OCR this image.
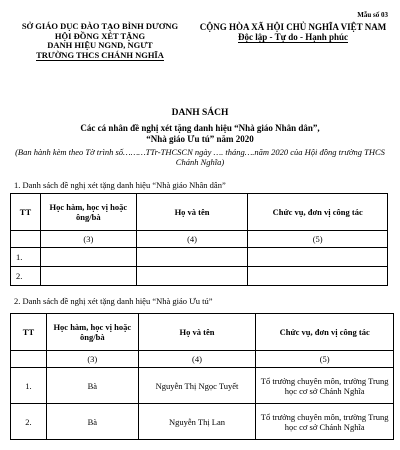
Mẫu số 03
SỞ GIÁO DỤC ĐÀO TẠO BÌNH DƯƠNG
HỘI ĐỒNG XÉT TẶNG
DANH HIỆU NGND, NGƯT
TRƯỜNG THCS CHÁNH NGHĨA
CỘNG HÒA XÃ HỘI CHỦ NGHĨA VIỆT NAM
Độc lập - Tự do - Hạnh phúc
DANH SÁCH
Các cá nhân đề nghị xét tặng danh hiệu “Nhà giáo Nhân dân”,
“Nhà giáo Ưu tú” năm 2020
(Ban hành kèm theo Tờ trình số………TTr-THCSCN ngày …. tháng….năm 2020 của Hội đồng trường THCS Chánh Nghĩa)
1. Danh sách đề nghị xét tặng danh hiệu “Nhà giáo Nhân dân”
TT	Học hàm, học vị hoặc ông/bà	Họ và tên	Chức vụ, đơn vị công tác
	(3)	(4)	(5)
1.			
2.			
2. Danh sách đề nghị xét tặng danh hiệu “Nhà giáo Ưu tú”
TT	Học hàm, học vị hoặc ông/bà	Họ và tên	Chức vụ, đơn vị công tác
	(3)	(4)	(5)
1.	Bà	Nguyễn Thị Ngọc Tuyết	Tổ trưởng chuyên môn, trường Trung học cơ sở Chánh Nghĩa
2.	Bà	Nguyễn Thị Lan	Tổ trưởng chuyên môn, trường Trung học cơ sở Chánh Nghĩa
